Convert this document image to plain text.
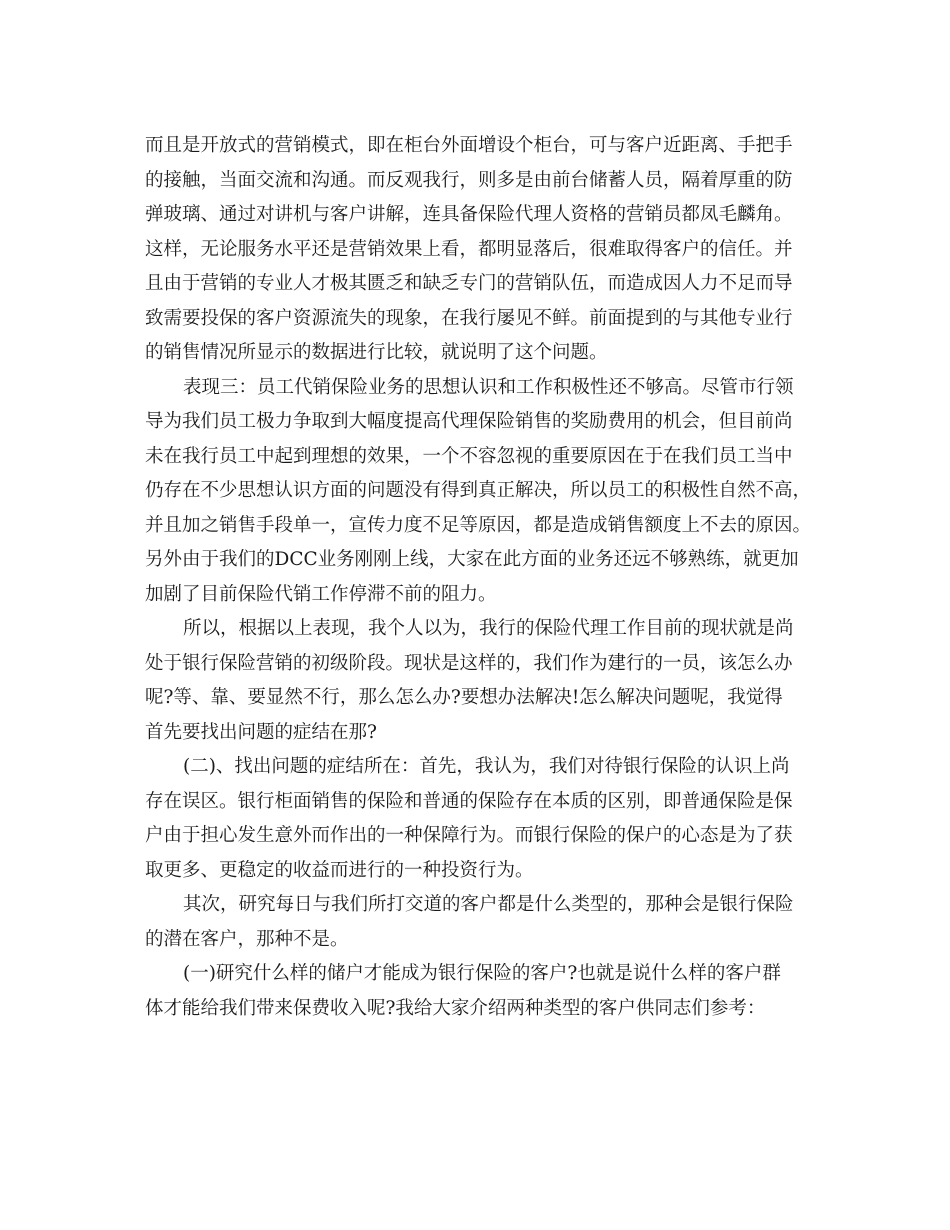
而且是开放式的营销模式，即在柜台外面增设个柜台，可与客户近距离、手把手

的接触，当面交流和沟通。而反观我行，则多是由前台储蓄人员，隔着厚重的防

弹玻璃、通过对讲机与客户讲解，连具备保险代理人资格的营销员都凤毛麟角。

这样，无论服务水平还是营销效果上看，都明显落后，很难取得客户的信任。并

且由于营销的专业人才极其匮乏和缺乏专门的营销队伍，而造成因人力不足而导

致需要投保的客户资源流失的现象，在我行屡见不鲜。前面提到的与其他专业行

的销售情况所显示的数据进行比较，就说明了这个问题。

表现三：员工代销保险业务的思想认识和工作积极性还不够高。尽管市行领

导为我们员工极力争取到大幅度提高代理保险销售的奖励费用的机会，但目前尚

未在我行员工中起到理想的效果，一个不容忽视的重要原因在于在我们员工当中

仍存在不少思想认识方面的问题没有得到真正解决，所以员工的积极性自然不高，

并且加之销售手段单一，宣传力度不足等原因，都是造成销售额度上不去的原因。

另外由于我们的DCC业务刚刚上线，大家在此方面的业务还远不够熟练，就更加

加剧了目前保险代销工作停滞不前的阻力。

所以，根据以上表现，我个人以为，我行的保险代理工作目前的现状就是尚

处于银行保险营销的初级阶段。现状是这样的，我们作为建行的一员，该怎么办

呢?等、靠、要显然不行，那么怎么办?要想办法解决!怎么解决问题呢，我觉得

首先要找出问题的症结在那?

(二)、找出问题的症结所在：首先，我认为，我们对待银行保险的认识上尚

存在误区。银行柜面销售的保险和普通的保险存在本质的区别，即普通保险是保

户由于担心发生意外而作出的一种保障行为。而银行保险的保户的心态是为了获

取更多、更稳定的收益而进行的一种投资行为。

其次，研究每日与我们所打交道的客户都是什么类型的，那种会是银行保险

的潜在客户，那种不是。

(一)研究什么样的储户才能成为银行保险的客户?也就是说什么样的客户群

体才能给我们带来保费收入呢?我给大家介绍两种类型的客户供同志们参考：
